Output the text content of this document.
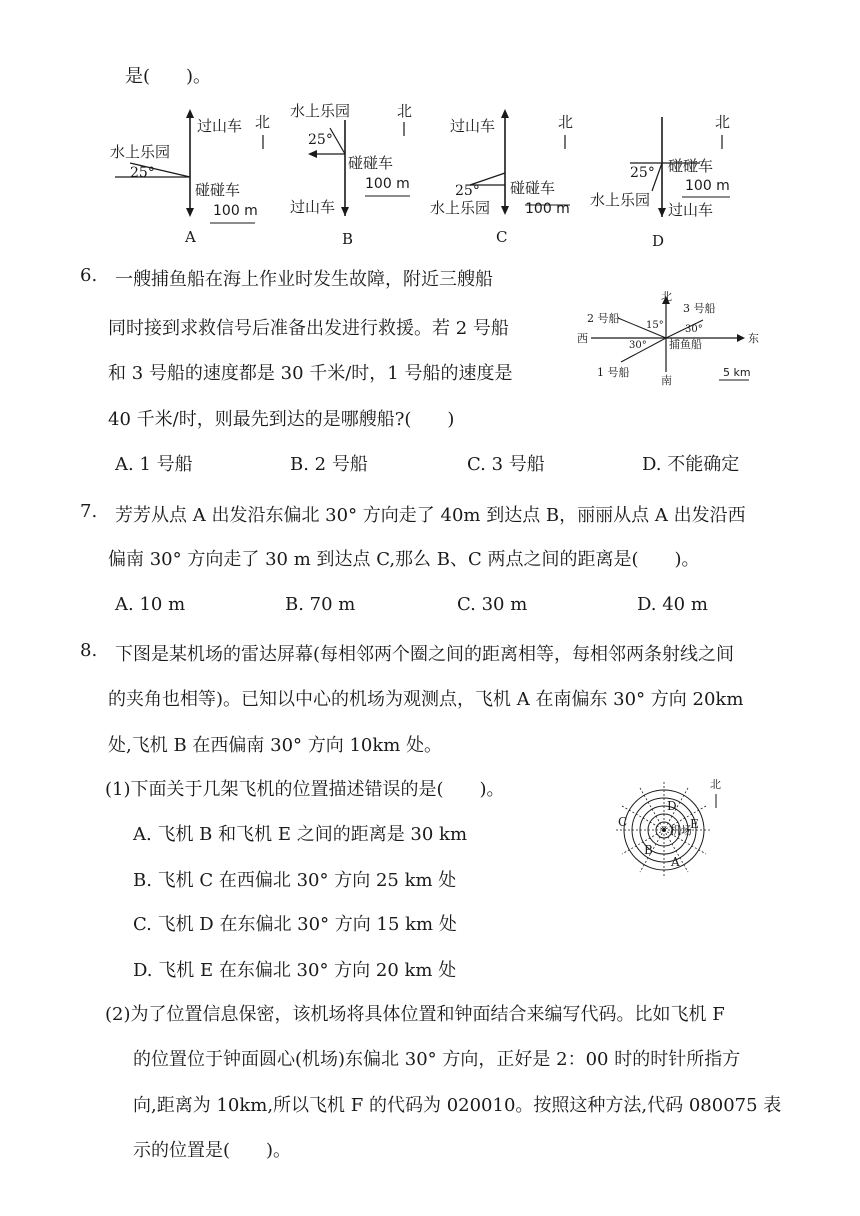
是(　　)。
过山车 北
水上乐园
25°
碰碰车
100 m
A
水上乐园	北
25°
碰碰车
100 m
过山车
B
过山车	北
25° 碰碰车
水上乐园 100 m
C
北
25° 碰碰车
100 m
水上乐园
过山车
D
6. 一艘捕鱼船在海上作业时发生故障，附近三艘船
同时接到求救信号后准备出发进行救援。若 2 号船
和 3 号船的速度都是 30 千米/时，1 号船的速度是
40 千米/时，则最先到达的是哪艘船?(　　)
A. 1 号船	B. 2 号船	C. 3 号船	D. 不能确定
北
南
东
西
2 号船
3 号船
1 号船
捕鱼船
15° 30°
30°
5 km
7. 芳芳从点 A 出发沿东偏北 30° 方向走了 40m 到达点 B，丽丽从点 A 出发沿西
偏南 30° 方向走了 30 m 到达点 C,那么 B、C 两点之间的距离是(　　)。
A. 10 m	B. 70 m	C. 30 m	D. 40 m
8. 下图是某机场的雷达屏幕(每相邻两个圈之间的距离相等，每相邻两条射线之间
的夹角也相等)。已知以中心的机场为观测点，飞机 A 在南偏东 30° 方向 20km
处,飞机 B 在西偏南 30° 方向 10km 处。
(1)下面关于几架飞机的位置描述错误的是(　　)。
A. 飞机 B 和飞机 E 之间的距离是 30 km
B. 飞机 C 在西偏北 30° 方向 25 km 处
C. 飞机 D 在东偏北 30° 方向 15 km 处
D. 飞机 E 在东偏北 30° 方向 20 km 处
北
机场
A
B
C
D
E
(2)为了位置信息保密，该机场将具体位置和钟面结合来编写代码。比如飞机 F
的位置位于钟面圆心(机场)东偏北 30° 方向，正好是 2：00 时的时针所指方
向,距离为 10km,所以飞机 F 的代码为 020010。按照这种方法,代码 080075 表
示的位置是(　　)。
